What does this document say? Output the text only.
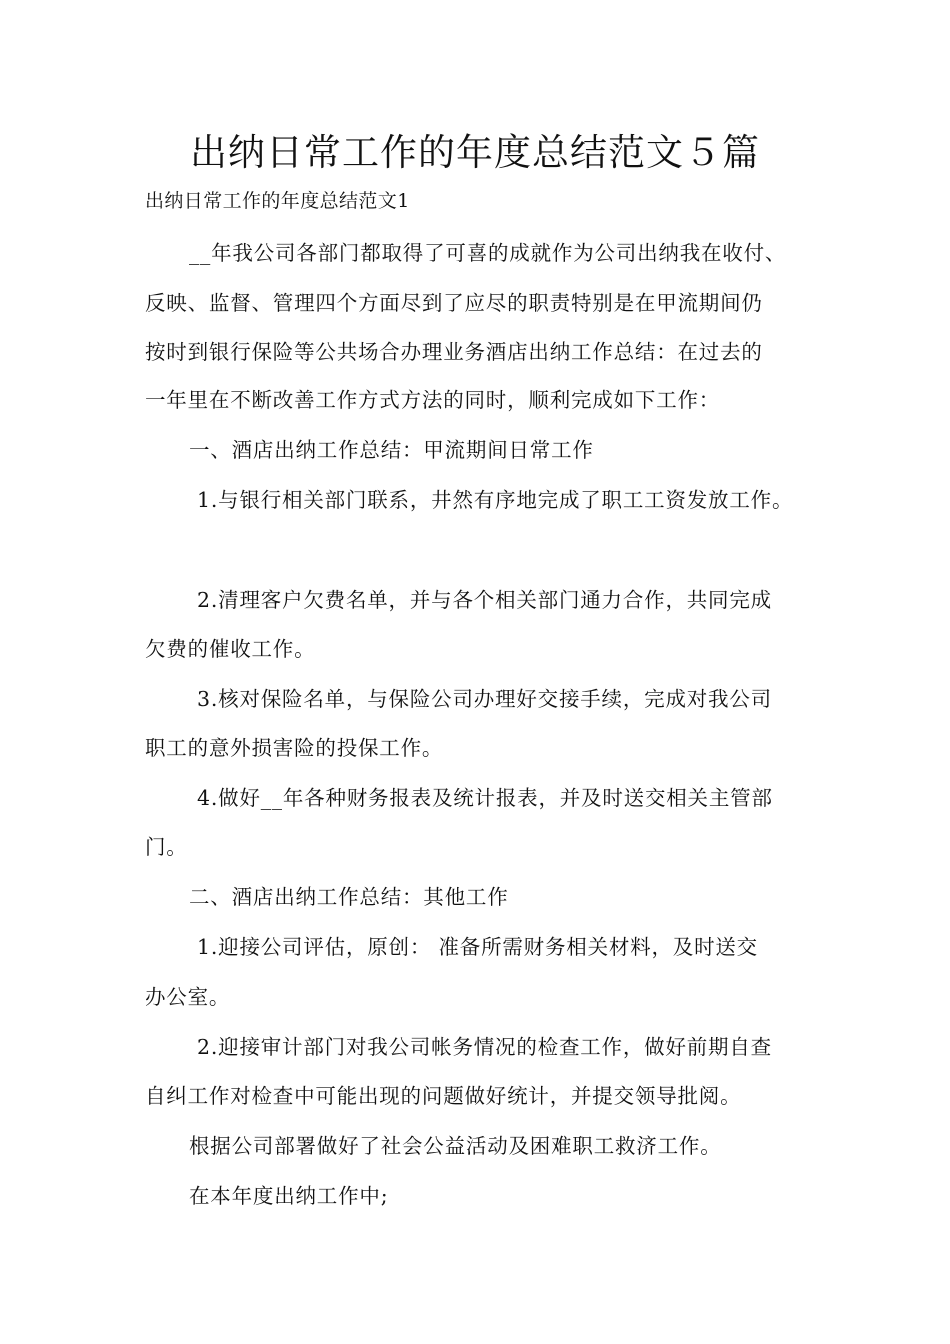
出纳日常工作的年度总结范文５篇
出纳日常工作的年度总结范文1
__年我公司各部门都取得了可喜的成就作为公司出纳我在收付、
反映、监督、管理四个方面尽到了应尽的职责特别是在甲流期间仍
按时到银行保险等公共场合办理业务酒店出纳工作总结：在过去的
一年里在不断改善工作方式方法的同时，顺利完成如下工作：
一、酒店出纳工作总结：甲流期间日常工作
1.与银行相关部门联系，井然有序地完成了职工工资发放工作。
2.清理客户欠费名单，并与各个相关部门通力合作，共同完成
欠费的催收工作。
3.核对保险名单，与保险公司办理好交接手续，完成对我公司
职工的意外损害险的投保工作。
4.做好__年各种财务报表及统计报表，并及时送交相关主管部
门。
二、酒店出纳工作总结：其他工作
1.迎接公司评估，原创： 准备所需财务相关材料，及时送交
办公室。
2.迎接审计部门对我公司帐务情况的检查工作，做好前期自查
自纠工作对检查中可能出现的问题做好统计，并提交领导批阅。
根据公司部署做好了社会公益活动及困难职工救济工作。
在本年度出纳工作中;
